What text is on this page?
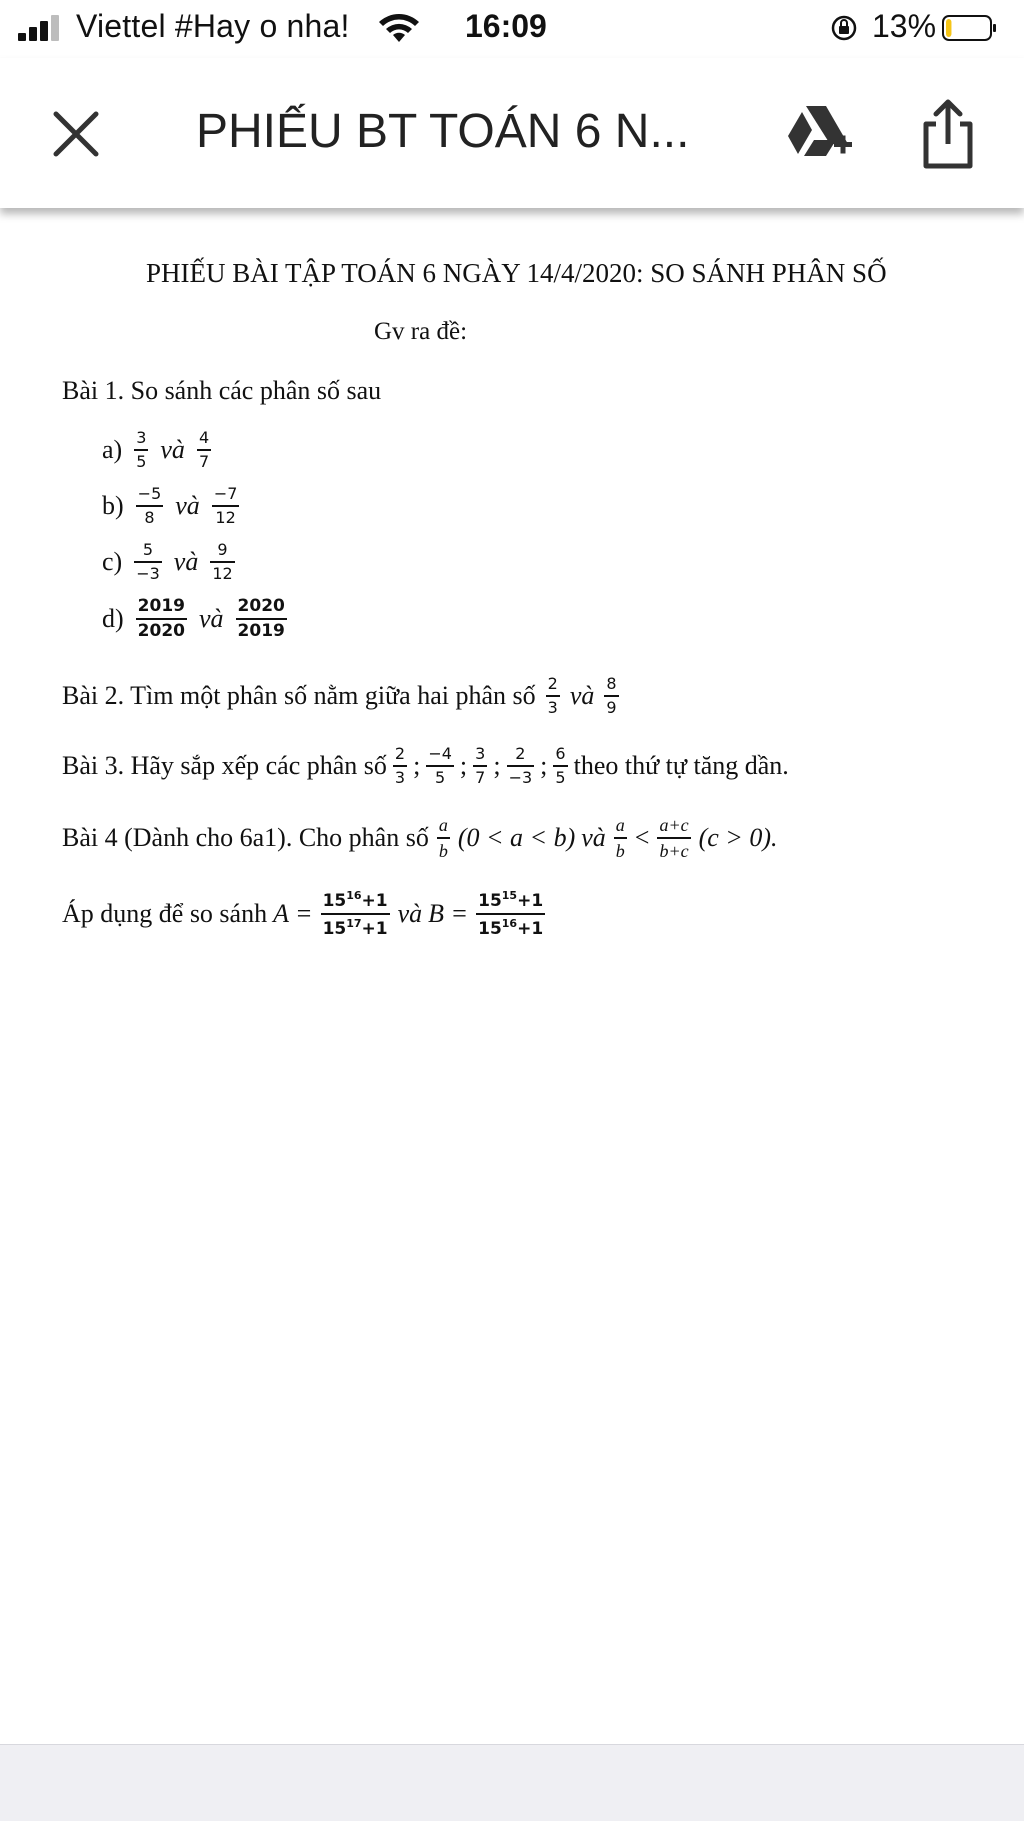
Viettel #Hay o nha!	16:09	13%
PHIẾU BT TOÁN 6 N...
PHIẾU BÀI TẬP TOÁN 6 NGÀY 14/4/2020: SO SÁNH PHÂN SỐ
Gv ra đề:
Bài 1. So sánh các phân số sau
$a) \frac{3}{5}$ và $\frac{4}{7}$
$b) \frac{-5}{8}$ và $\frac{-7}{12}$
$c) \frac{5}{-3}$ và $\frac{9}{12}$
$d) \frac{2019}{2020}$ và $\frac{2020}{2019}$
Bài 2. Tìm một phân số nằm giữa hai phân số $\frac{2}{3}$ và $\frac{8}{9}$
Bài 3. Hãy sắp xếp các phân số $\frac{2}{3}$ ; $\frac{-4}{5}$ ; $\frac{3}{7}$ ; $\frac{2}{-3}$ ; $\frac{6}{5}$ theo thứ tự tăng dần.
Bài 4 (Dành cho 6a1). Cho phân số $\frac{a}{b} (0 < a < b)$ và $\frac{a}{b} < \frac{a+c}{b+c} (c > 0)$.
Áp dụng để so sánh $A = \frac{15^{16}+1}{15^{17}+1}$ và $B = \frac{15^{15}+1}{15^{16}+1}$
